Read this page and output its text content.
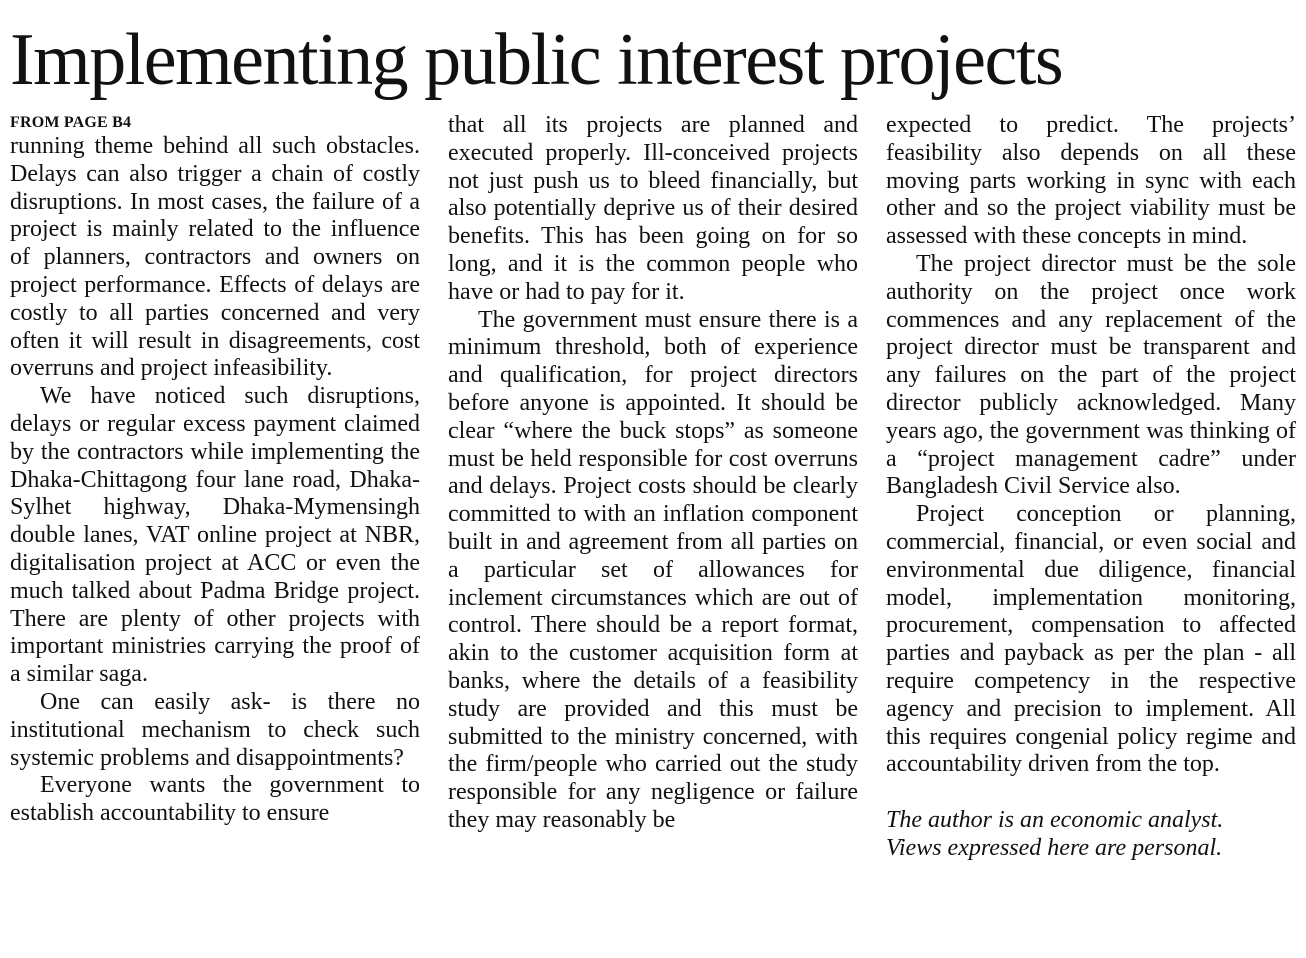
Implementing public interest projects
FROM PAGE B4

running theme behind all such obstacles. Delays can also trigger a chain of costly disruptions. In most cases, the failure of a project is mainly related to the influence of planners, contractors and owners on project performance. Effects of delays are costly to all parties concerned and very often it will result in disagreements, cost overruns and project infeasibility.

We have noticed such disruptions, delays or regular excess payment claimed by the contractors while implementing the Dhaka-Chittagong four lane road, Dhaka-Sylhet highway, Dhaka-Mymensingh double lanes, VAT online project at NBR, digitalisation project at ACC or even the much talked about Padma Bridge project. There are plenty of other projects with important ministries carrying the proof of a similar saga.

One can easily ask- is there no institutional mechanism to check such systemic problems and disappointments?

Everyone wants the government to establish accountability to ensure

that all its projects are planned and executed properly. Ill-conceived projects not just push us to bleed financially, but also potentially deprive us of their desired benefits. This has been going on for so long, and it is the common people who have or had to pay for it.

The government must ensure there is a minimum threshold, both of experience and qualification, for project directors before anyone is appointed. It should be clear “where the buck stops” as someone must be held responsible for cost overruns and delays. Project costs should be clearly committed to with an inflation component built in and agreement from all parties on a particular set of allowances for inclement circumstances which are out of control. There should be a report format, akin to the customer acquisition form at banks, where the details of a feasibility study are provided and this must be submitted to the ministry concerned, with the firm/people who carried out the study responsible for any negligence or failure they may reasonably be

expected to predict. The projects’ feasibility also depends on all these moving parts working in sync with each other and so the project viability must be assessed with these concepts in mind.

The project director must be the sole authority on the project once work commences and any replacement of the project director must be transparent and any failures on the part of the project director publicly acknowledged. Many years ago, the government was thinking of a “project management cadre” under Bangladesh Civil Service also.

Project conception or planning, commercial, financial, or even social and environmental due diligence, financial model, implementation monitoring, procurement, compensation to affected parties and payback as per the plan - all require competency in the respective agency and precision to implement. All this requires congenial policy regime and accountability driven from the top.

The author is an economic analyst.
Views expressed here are personal.
